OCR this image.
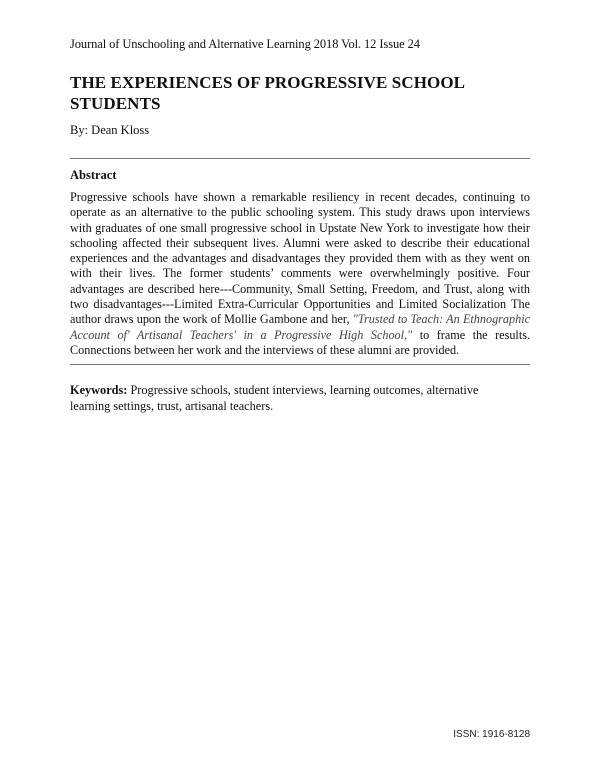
Journal of Unschooling and Alternative Learning 2018 Vol. 12 Issue 24
THE EXPERIENCES OF PROGRESSIVE SCHOOL STUDENTS
By: Dean Kloss
Abstract

Progressive schools have shown a remarkable resiliency in recent decades, continuing to operate as an alternative to the public schooling system. This study draws upon interviews with graduates of one small progressive school in Upstate New York to investigate how their schooling affected their subsequent lives. Alumni were asked to describe their educational experiences and the advantages and disadvantages they provided them with as they went on with their lives. The former students’ comments were overwhelmingly positive. Four advantages are described here---Community, Small Setting, Freedom, and Trust, along with two disadvantages---Limited Extra-Curricular Opportunities and Limited Socialization The author draws upon the work of Mollie Gambone and her, "Trusted to Teach: An Ethnographic Account of' Artisanal Teachers' in a Progressive High School," to frame the results. Connections between her work and the interviews of these alumni are provided.

Keywords: Progressive schools, student interviews, learning outcomes, alternative learning settings, trust, artisanal teachers.

ISSN: 1916-8128
